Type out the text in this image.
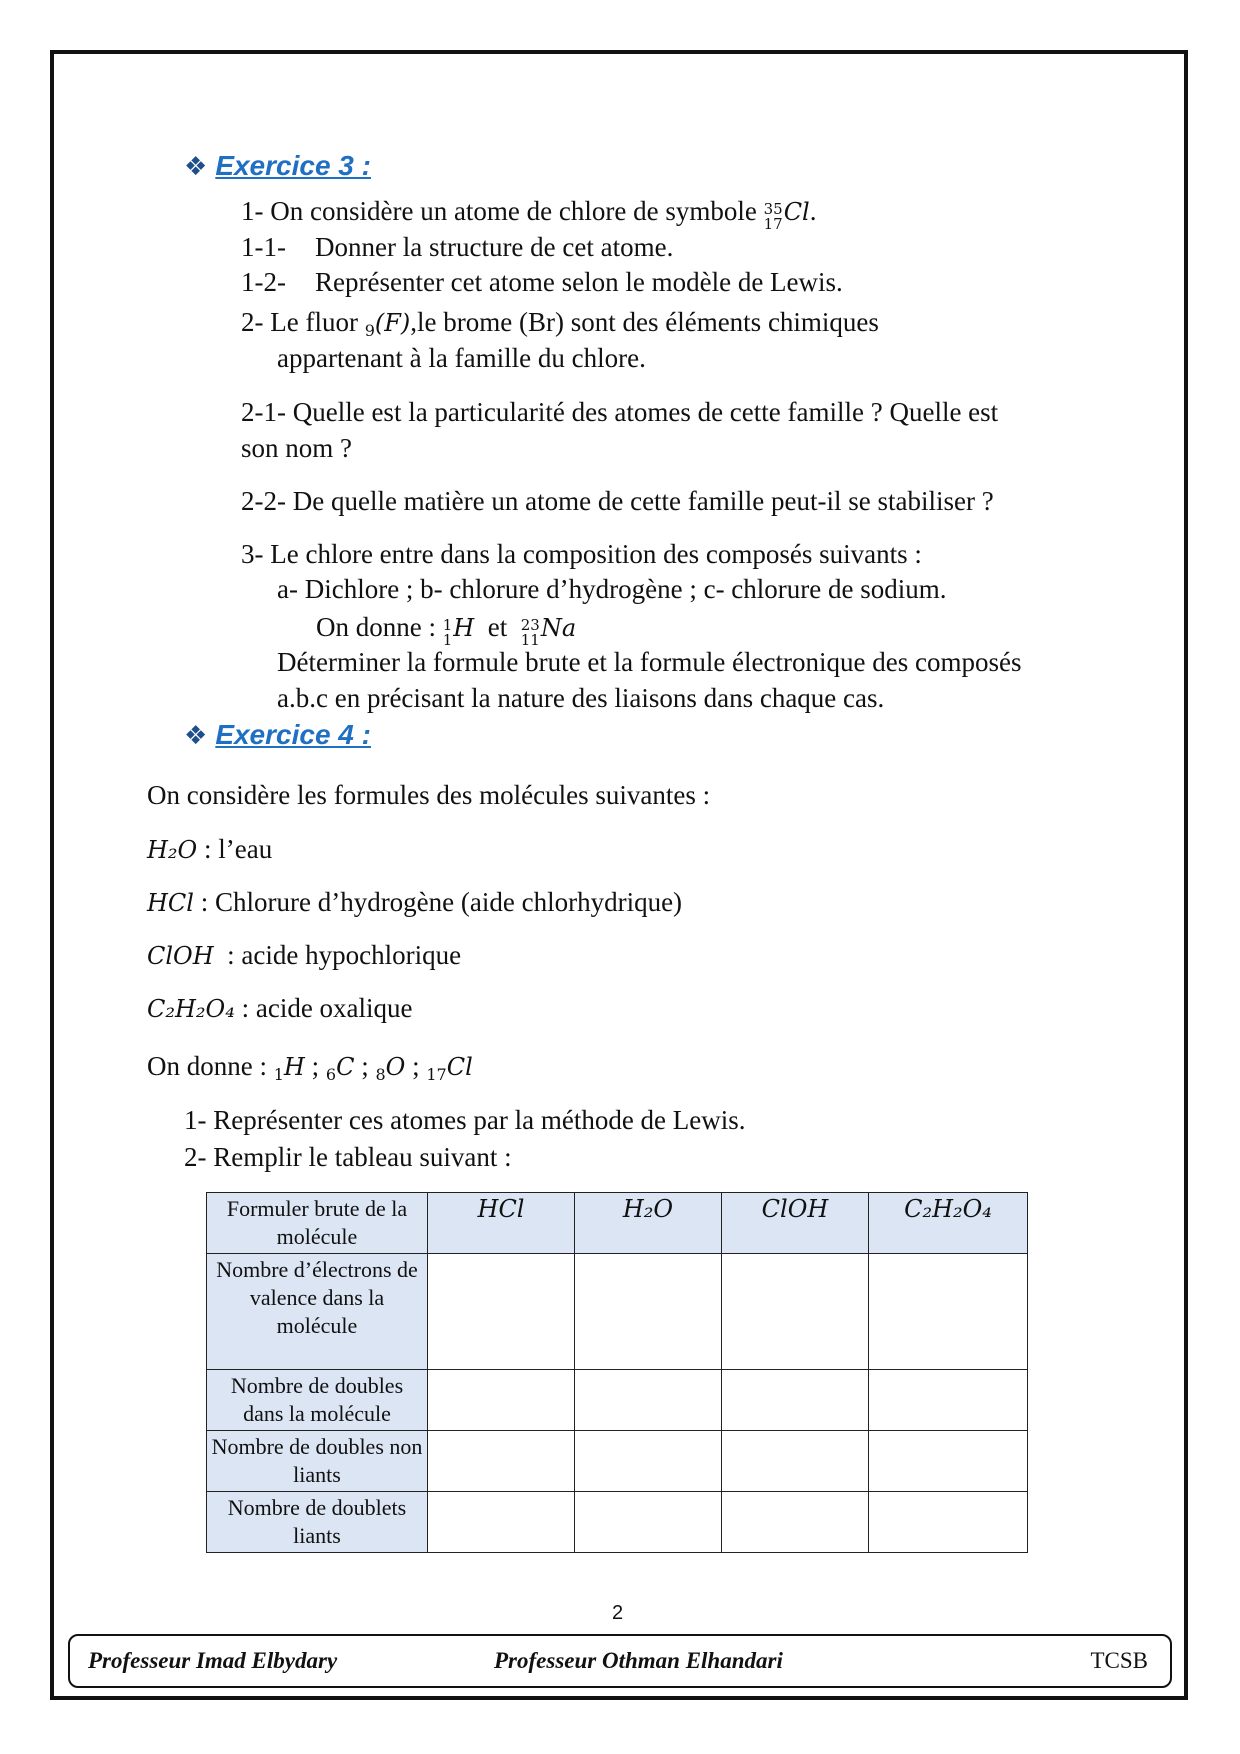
❖ Exercice 3 :
1- On considère un atome de chlore de symbole 35
17Cl.
1-1- Donner la structure de cet atome.
1-2- Représenter cet atome selon le modèle de Lewis.
2- Le fluor $_9$(F),le brome (Br) sont des éléments chimiques
appartenant à la famille du chlore.
2-1- Quelle est la particularité des atomes de cette famille ? Quelle est
son nom ?
2-2- De quelle matière un atome de cette famille peut-il se stabiliser ?
3- Le chlore entre dans la composition des composés suivants :
a- Dichlore ; b- chlorure d’hydrogène ; c- chlorure de sodium.
On donne : 1
1H  et  23
11Na
Déterminer la formule brute et la formule électronique des composés
a.b.c en précisant la nature des liaisons dans chaque cas.
❖ Exercice 4 :
On considère les formules des molécules suivantes :
H₂O : l’eau
HCl : Chlorure d’hydrogène (aide chlorhydrique)
ClOH  : acide hypochlorique
C₂H₂O₄ : acide oxalique
On donne : $_1$H ; $_6$C ; $_8$O ; $_{17}$Cl
1- Représenter ces atomes par la méthode de Lewis.
2- Remplir le tableau suivant :
Formuler brute de la molécule	HCl	H₂O	ClOH	C₂H₂O₄
Nombre d’électrons de valence dans la molécule				
Nombre de doubles dans la molécule				
Nombre de doubles non liants				
Nombre de doublets liants				
2
Professeur Imad Elbydary	Professeur Othman Elhandari	TCSB
